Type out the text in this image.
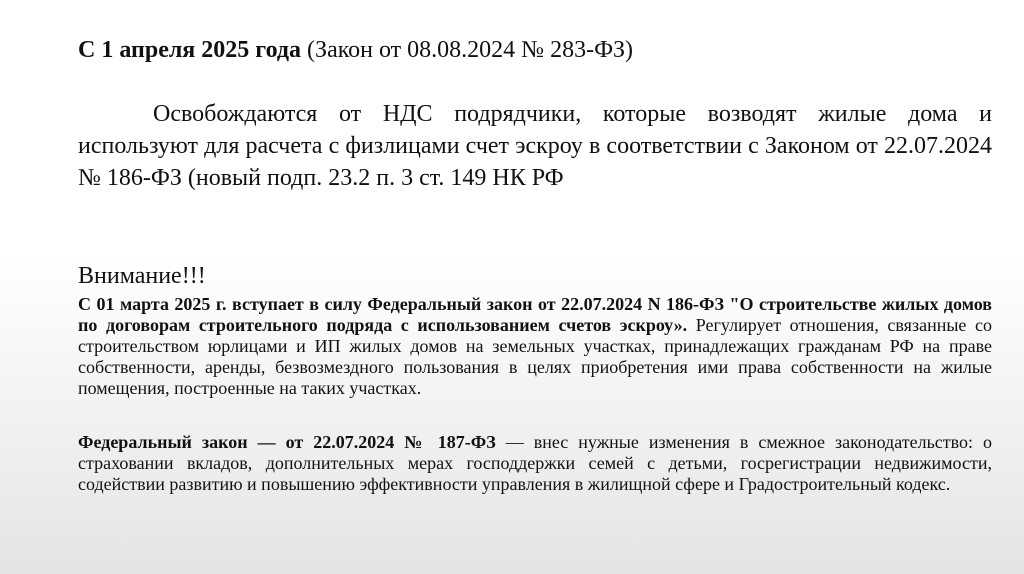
С 1 апреля 2025 года (Закон от 08.08.2024 № 283-ФЗ)

Освобождаются от НДС подрядчики, которые возводят жилые дома и используют для расчета с физлицами счет эскроу в соответствии с Законом от 22.07.2024 № 186-ФЗ (новый подп. 23.2 п. 3 ст. 149 НК РФ

Внимание!!!

С 01 марта 2025 г. вступает в силу Федеральный закон от 22.07.2024 N 186-ФЗ "О строительстве жилых домов по договорам строительного подряда с использованием счетов эскроу». Регулирует отношения, связанные со строительством юрлицами и ИП жилых домов на земельных участках, принадлежащих гражданам РФ на праве собственности, аренды, безвозмездного пользования в целях приобретения ими права собственности на жилые помещения, построенные на таких участках.

Федеральный закон — от 22.07.2024 № 187-ФЗ — внес нужные изменения в смежное законодательство: о страховании вкладов, дополнительных мерах господдержки семей с детьми, госрегистрации недвижимости, содействии развитию и повышению эффективности управления в жилищной сфере и Градостроительный кодекс.
